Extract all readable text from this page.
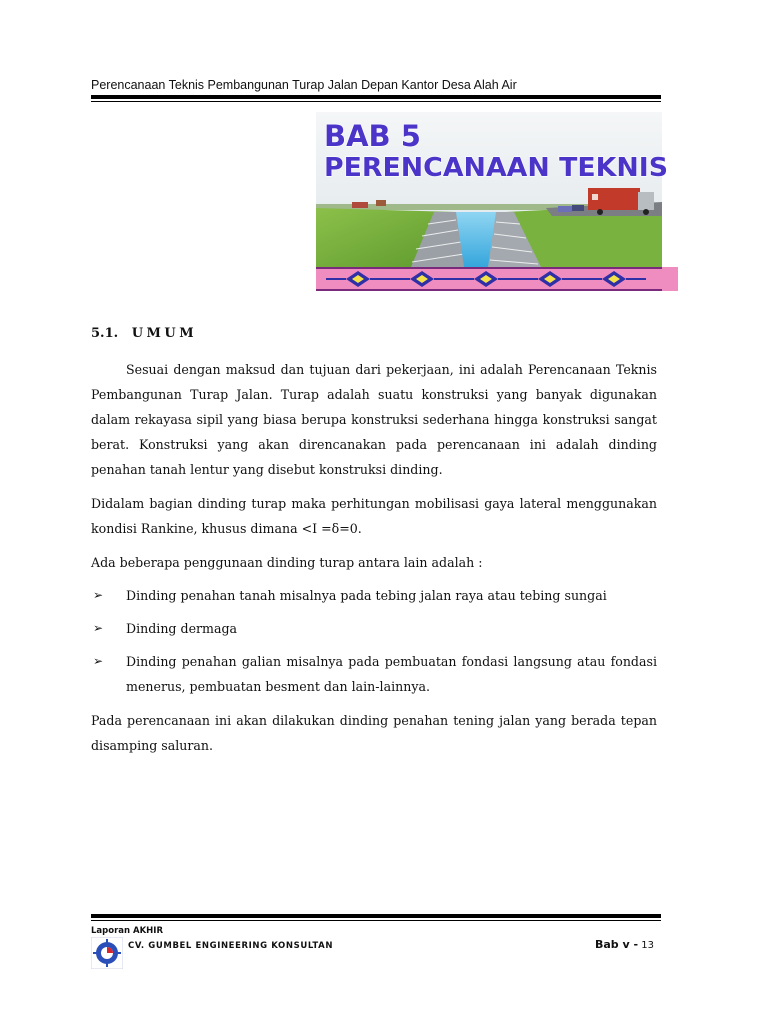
Perencanaan Teknis Pembangunan Turap Jalan Depan Kantor Desa Alah Air
BAB 5
PERENCANAAN TEKNIS
5.1. UMUM

Sesuai dengan maksud dan tujuan dari pekerjaan, ini adalah Perencanaan Teknis Pembangunan Turap Jalan. Turap adalah suatu konstruksi yang banyak digunakan dalam rekayasa sipil yang biasa berupa konstruksi sederhana hingga konstruksi sangat berat. Konstruksi yang akan direncanakan pada perencanaan ini adalah dinding penahan tanah lentur yang disebut konstruksi dinding.

Didalam bagian dinding turap maka perhitungan mobilisasi gaya lateral menggunakan kondisi Rankine, khusus dimana <I =δ=0.

Ada beberapa penggunaan dinding turap antara lain adalah :

➢ Dinding penahan tanah misalnya pada tebing jalan raya atau tebing sungai
➢ Dinding dermaga
➢ Dinding penahan galian misalnya pada pembuatan fondasi langsung atau fondasi menerus, pembuatan besment dan lain-lainnya.

Pada perencanaan ini akan dilakukan dinding penahan tening jalan yang berada tepan disamping saluran.

Laporan AKHIR
CV. GUMBEL ENGINEERING KONSULTAN	Bab v - 13
